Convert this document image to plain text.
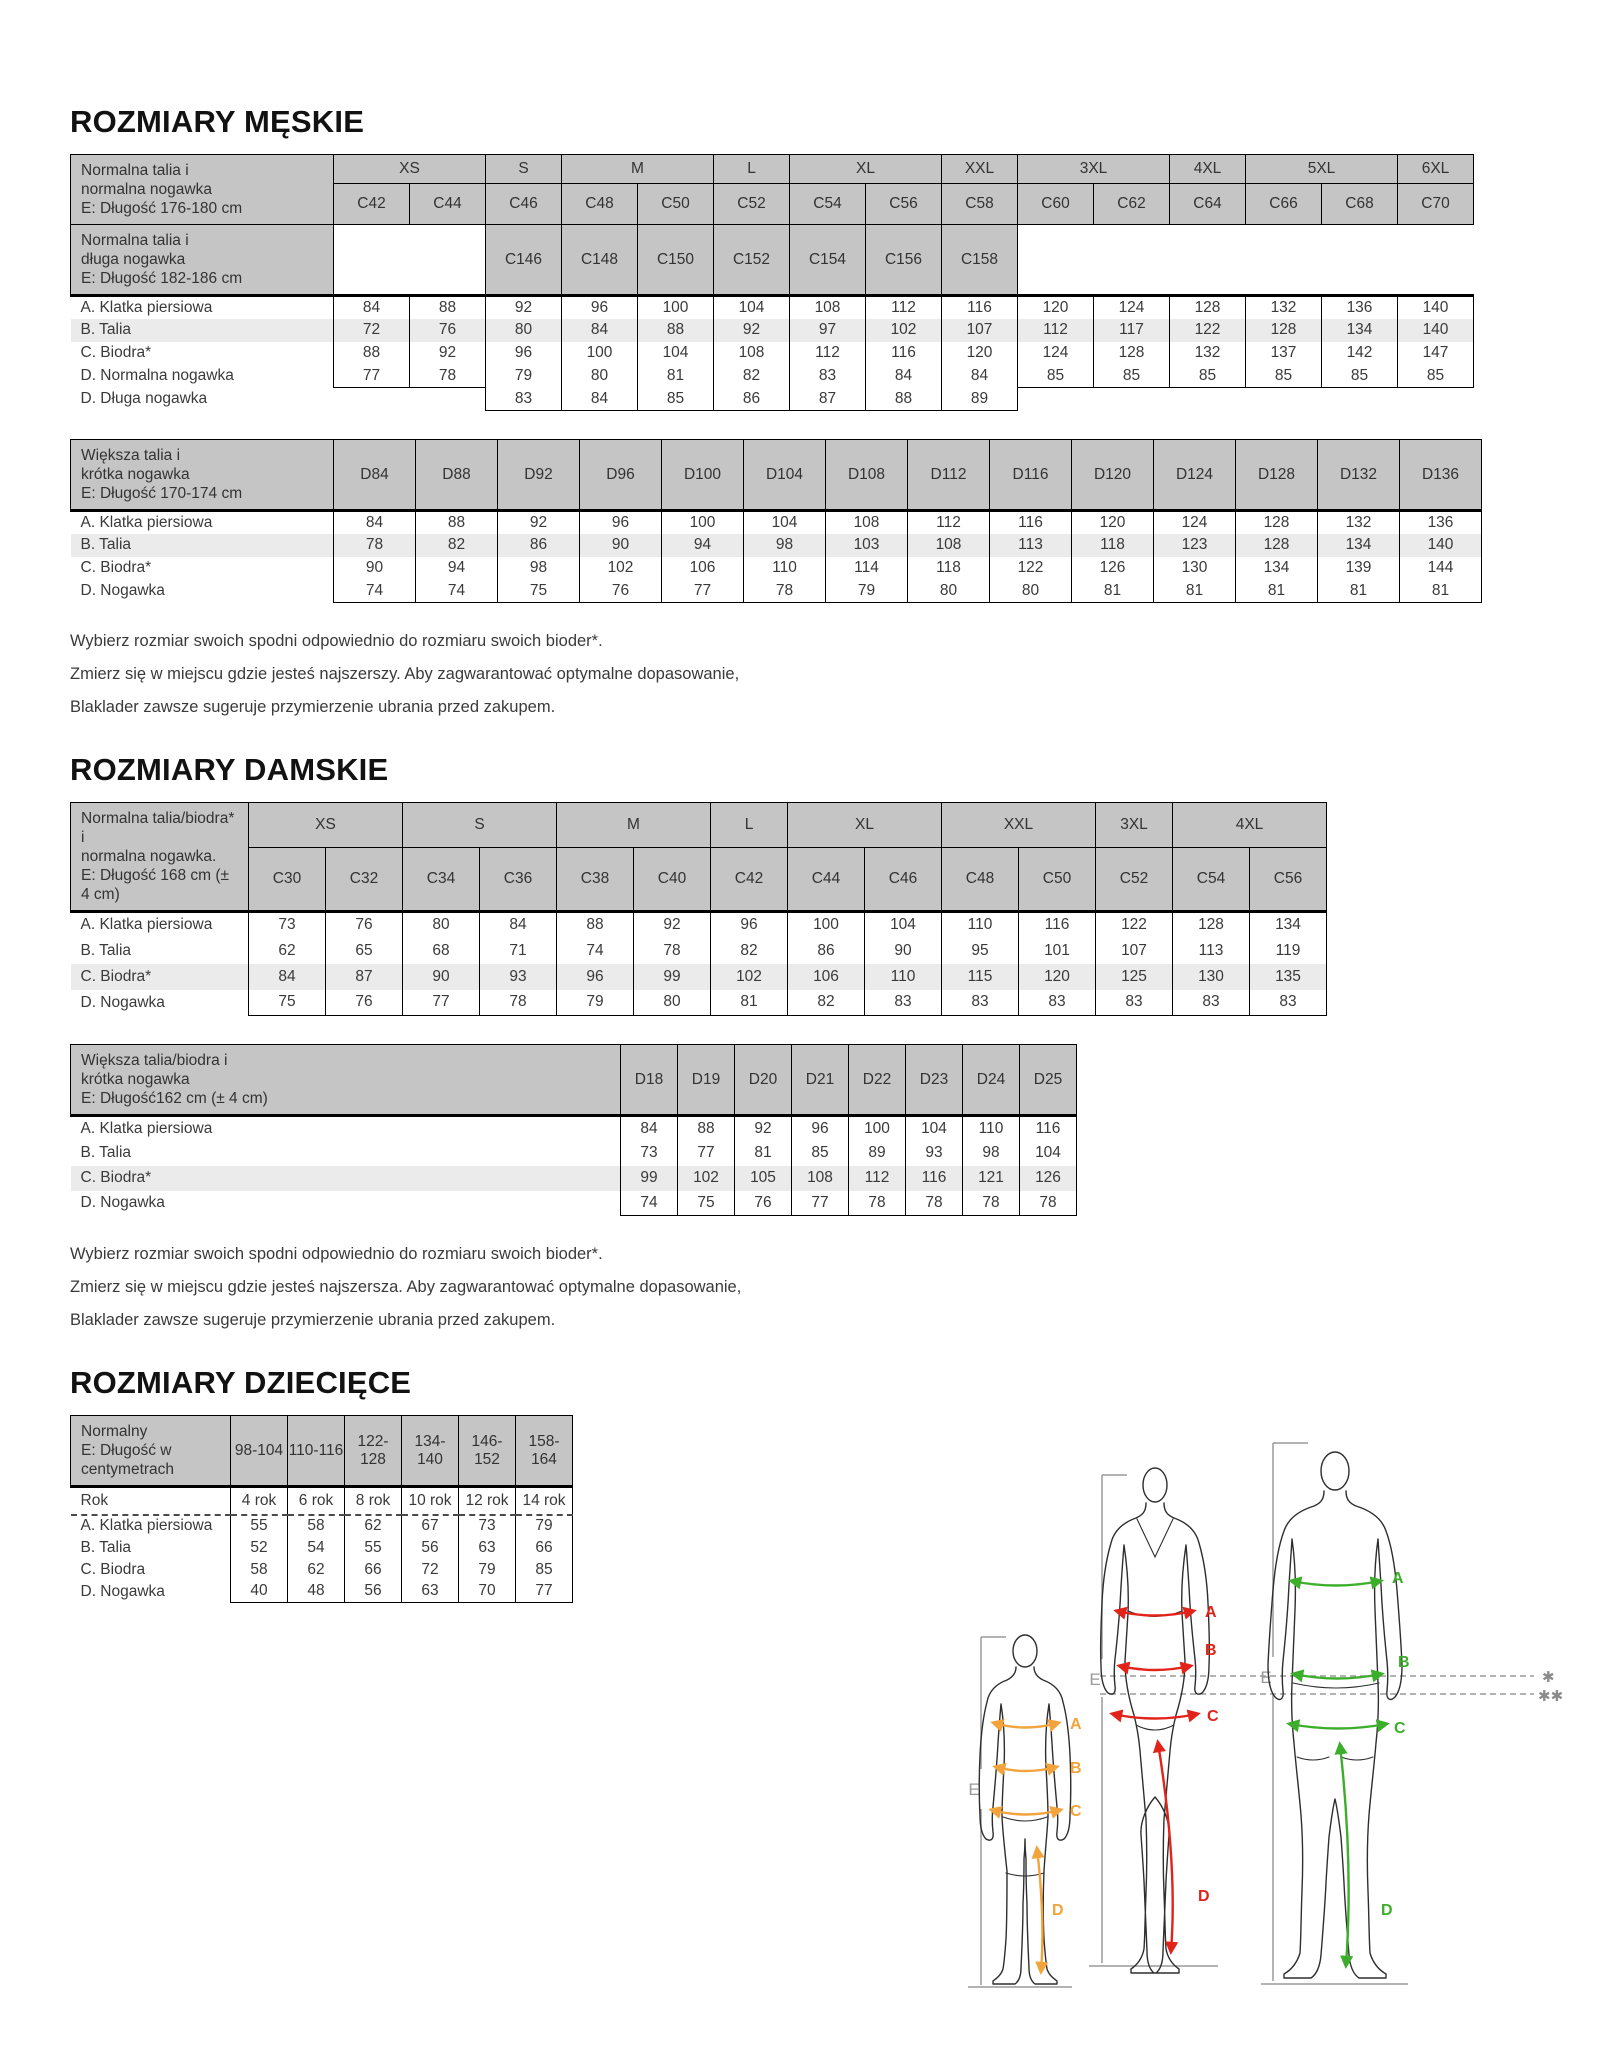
ROZMIARY MĘSKIE
Normalna talia i
normalna nogawka
E: Długość 176-180 cm	XS		S	M		L	XL		XXL	3XL		4XL	5XL		6XL
	C42	C44	C46	C48	C50	C52	C54	C56	C58	C60	C62	C64	C66	C68	C70

Normalna talia i
długa nogawka
E: Długość 182-186 cm			C146	C148	C150	C152	C154	C156	C158						
A. Klatka piersiowa	84	88	92	96	100	104	108	112	116	120	124	128	132	136	140
B. Talia	72	76	80	84	88	92	97	102	107	112	117	122	128	134	140
C. Biodra*	88	92	96	100	104	108	112	116	120	124	128	132	137	142	147
D. Normalna nogawka	77	78	79	80	81	82	83	84	84	85	85	85	85	85	85
D. Długa nogawka			83	84	85	86	87	88	89						
Większa talia i
krótka nogawka
E: Długość 170-174 cm	D84	D88	D92	D96	D100	D104	D108	D112	D116	D120	D124	D128	D132	D136
A. Klatka piersiowa	84	88	92	96	100	104	108	112	116	120	124	128	132	136
B. Talia	78	82	86	90	94	98	103	108	113	118	123	128	134	140
C. Biodra*	90	94	98	102	106	110	114	118	122	126	130	134	139	144
D. Nogawka	74	74	75	76	77	78	79	80	80	81	81	81	81	81

Wybierz rozmiar swoich spodni odpowiednio do rozmiaru swoich bioder*.

Zmierz się w miejscu gdzie jesteś najszerszy. Aby zagwarantować optymalne dopasowanie,

Blaklader zawsze sugeruje przymierzenie ubrania przed zakupem.

ROZMIARY DAMSKIE
Normalna talia/biodra* i
normalna nogawka.
E: Długość 168 cm (± 4 cm)	XS		S		M		L	XL		XXL		3XL	4XL	
	C30	C32	C34	C36	C38	C40	C42	C44	C46	C48	C50	C52	C54	C56
A. Klatka piersiowa	73	76	80	84	88	92	96	100	104	110	116	122	128	134
B. Talia	62	65	68	71	74	78	82	86	90	95	101	107	113	119
C. Biodra*	84	87	90	93	96	99	102	106	110	115	120	125	130	135
D. Nogawka	75	76	77	78	79	80	81	82	83	83	83	83	83	83
Większa talia/biodra i
krótka nogawka
E: Długość162 cm (± 4 cm)	D18	D19	D20	D21	D22	D23	D24	D25
A. Klatka piersiowa	84	88	92	96	100	104	110	116
B. Talia	73	77	81	85	89	93	98	104
C. Biodra*	99	102	105	108	112	116	121	126
D. Nogawka	74	75	76	77	78	78	78	78

Wybierz rozmiar swoich spodni odpowiednio do rozmiaru swoich bioder*.

Zmierz się w miejscu gdzie jesteś najszersza. Aby zagwarantować optymalne dopasowanie,

Blaklader zawsze sugeruje przymierzenie ubrania przed zakupem.

ROZMIARY DZIECIĘCE
Normalny
E: Długość w centymetrach	98-104	110-116	122-128	134-140	146-152	158-164
Rok	4 rok	6 rok	8 rok	10 rok	12 rok	14 rok
A. Klatka piersiowa	55	58	62	67	73	79
B. Talia	52	54	55	56	63	66
C. Biodra	58	62	66	72	79	85
D. Nogawka	40	48	56	63	70	77
✱
✱✱
E
A
B
C
D
E
A
B
C
D
E
A
B
C
D
